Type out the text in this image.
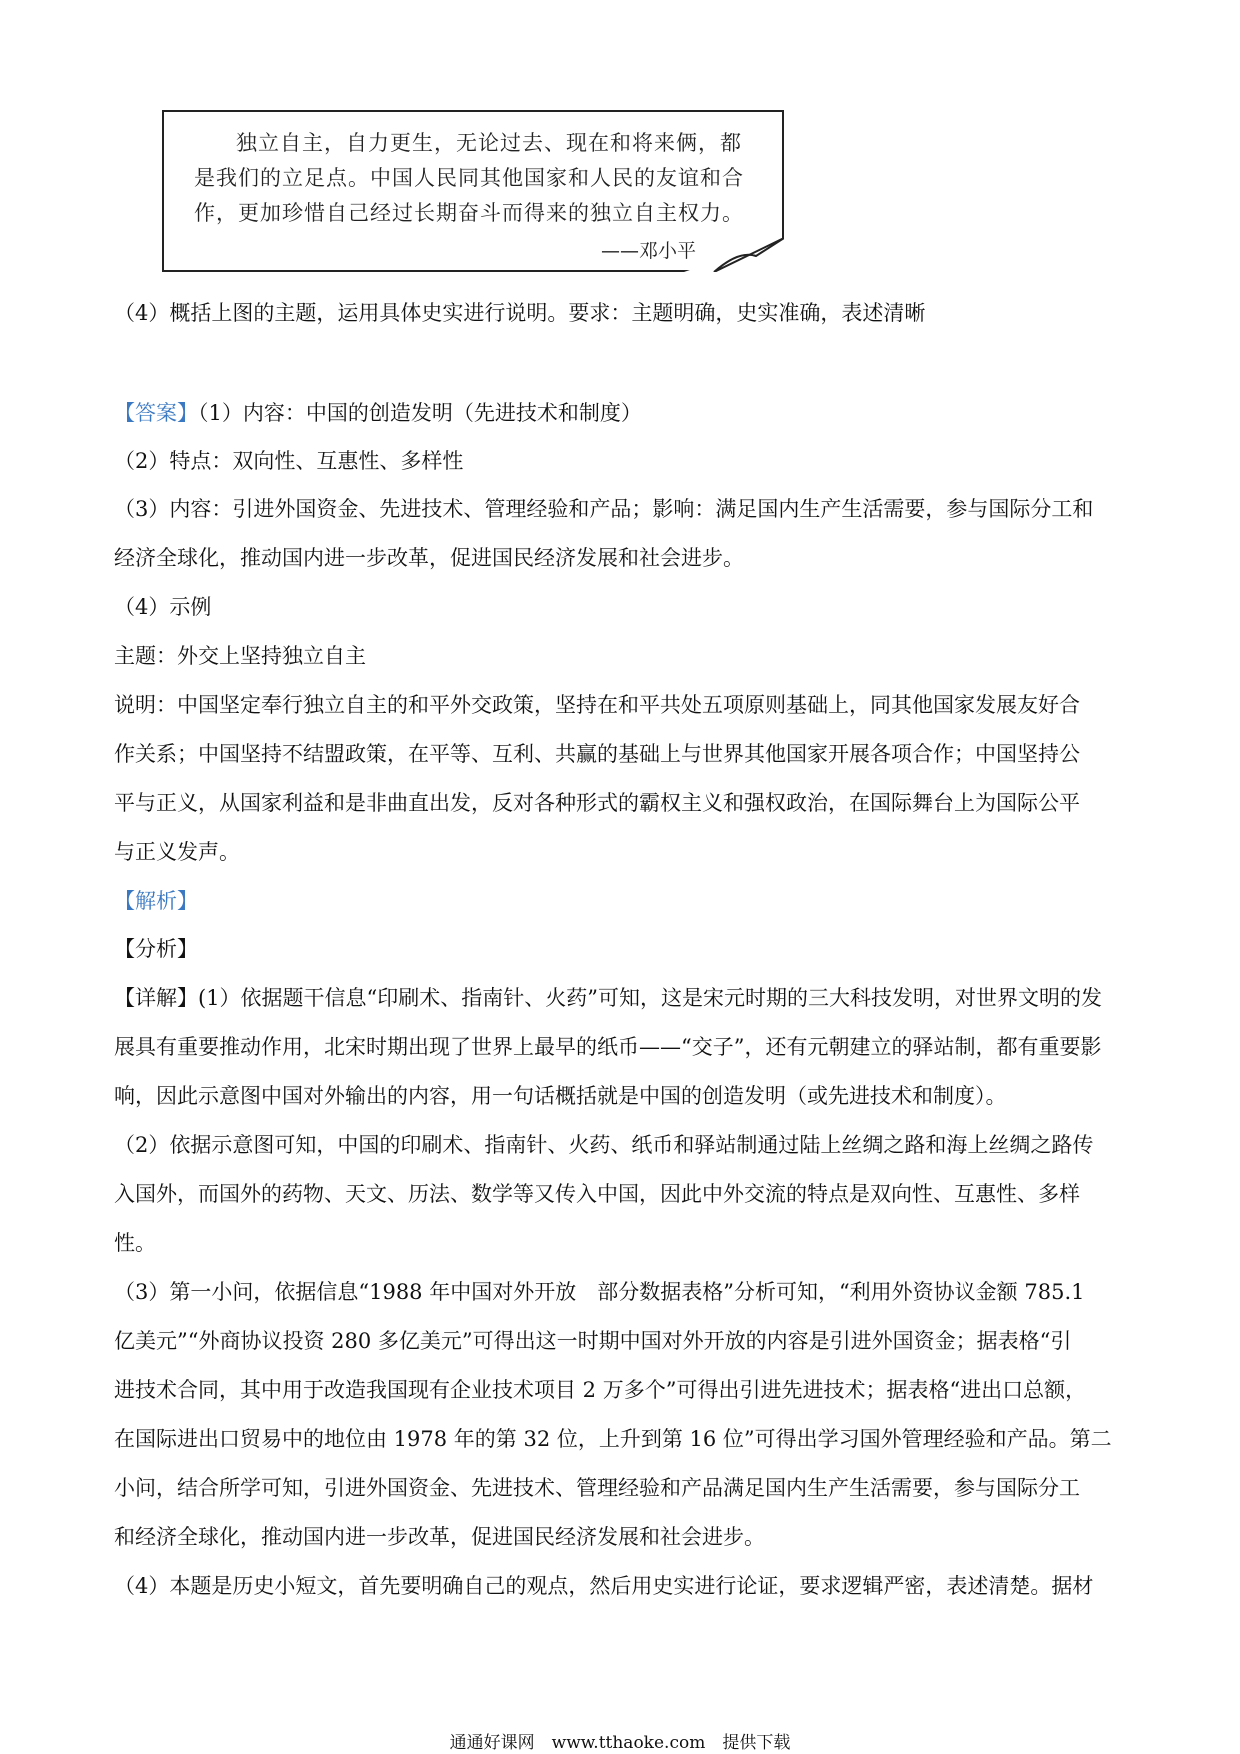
独立自主，自力更生，无论过去、现在和将来俩，都是我们的立足点。中国人民同其他国家和人民的友谊和合作，更加珍惜自己经过长期奋斗而得来的独立自主权力。

——邓小平
（4）概括上图的主题，运用具体史实进行说明。要求：主题明确，史实准确，表述清晰
【答案】（1）内容：中国的创造发明（先进技术和制度）
（2）特点：双向性、互惠性、多样性
（3）内容：引进外国资金、先进技术、管理经验和产品；影响：满足国内生产生活需要，参与国际分工和
经济全球化，推动国内进一步改革，促进国民经济发展和社会进步。
（4）示例
主题：外交上坚持独立自主
说明：中国坚定奉行独立自主的和平外交政策，坚持在和平共处五项原则基础上，同其他国家发展友好合
作关系；中国坚持不结盟政策，在平等、互利、共赢的基础上与世界其他国家开展各项合作；中国坚持公
平与正义，从国家利益和是非曲直出发，反对各种形式的霸权主义和强权政治，在国际舞台上为国际公平
与正义发声。
【解析】
【分析】
【详解】(1）依据题干信息“印刷术、指南针、火药”可知，这是宋元时期的三大科技发明，对世界文明的发
展具有重要推动作用，北宋时期出现了世界上最早的纸币——“交子”，还有元朝建立的驿站制，都有重要影
响，因此示意图中国对外输出的内容，用一句话概括就是中国的创造发明（或先进技术和制度）。
（2）依据示意图可知，中国的印刷术、指南针、火药、纸币和驿站制通过陆上丝绸之路和海上丝绸之路传
入国外，而国外的药物、天文、历法、数学等又传入中国，因此中外交流的特点是双向性、互惠性、多样
性。
（3）第一小问，依据信息“1988 年中国对外开放　部分数据表格”分析可知，“利用外资协议金额 785.1
亿美元”“外商协议投资 280 多亿美元”可得出这一时期中国对外开放的内容是引进外国资金；据表格“引
进技术合同，其中用于改造我国现有企业技术项目 2 万多个”可得出引进先进技术；据表格“进出口总额，
在国际进出口贸易中的地位由 1978 年的第 32 位，上升到第 16 位”可得出学习国外管理经验和产品。第二
小问，结合所学可知，引进外国资金、先进技术、管理经验和产品满足国内生产生活需要，参与国际分工
和经济全球化，推动国内进一步改革，促进国民经济发展和社会进步。
（4）本题是历史小短文，首先要明确自己的观点，然后用史实进行论证，要求逻辑严密，表述清楚。据材
通通好课网　www.tthaoke.com　提供下载
